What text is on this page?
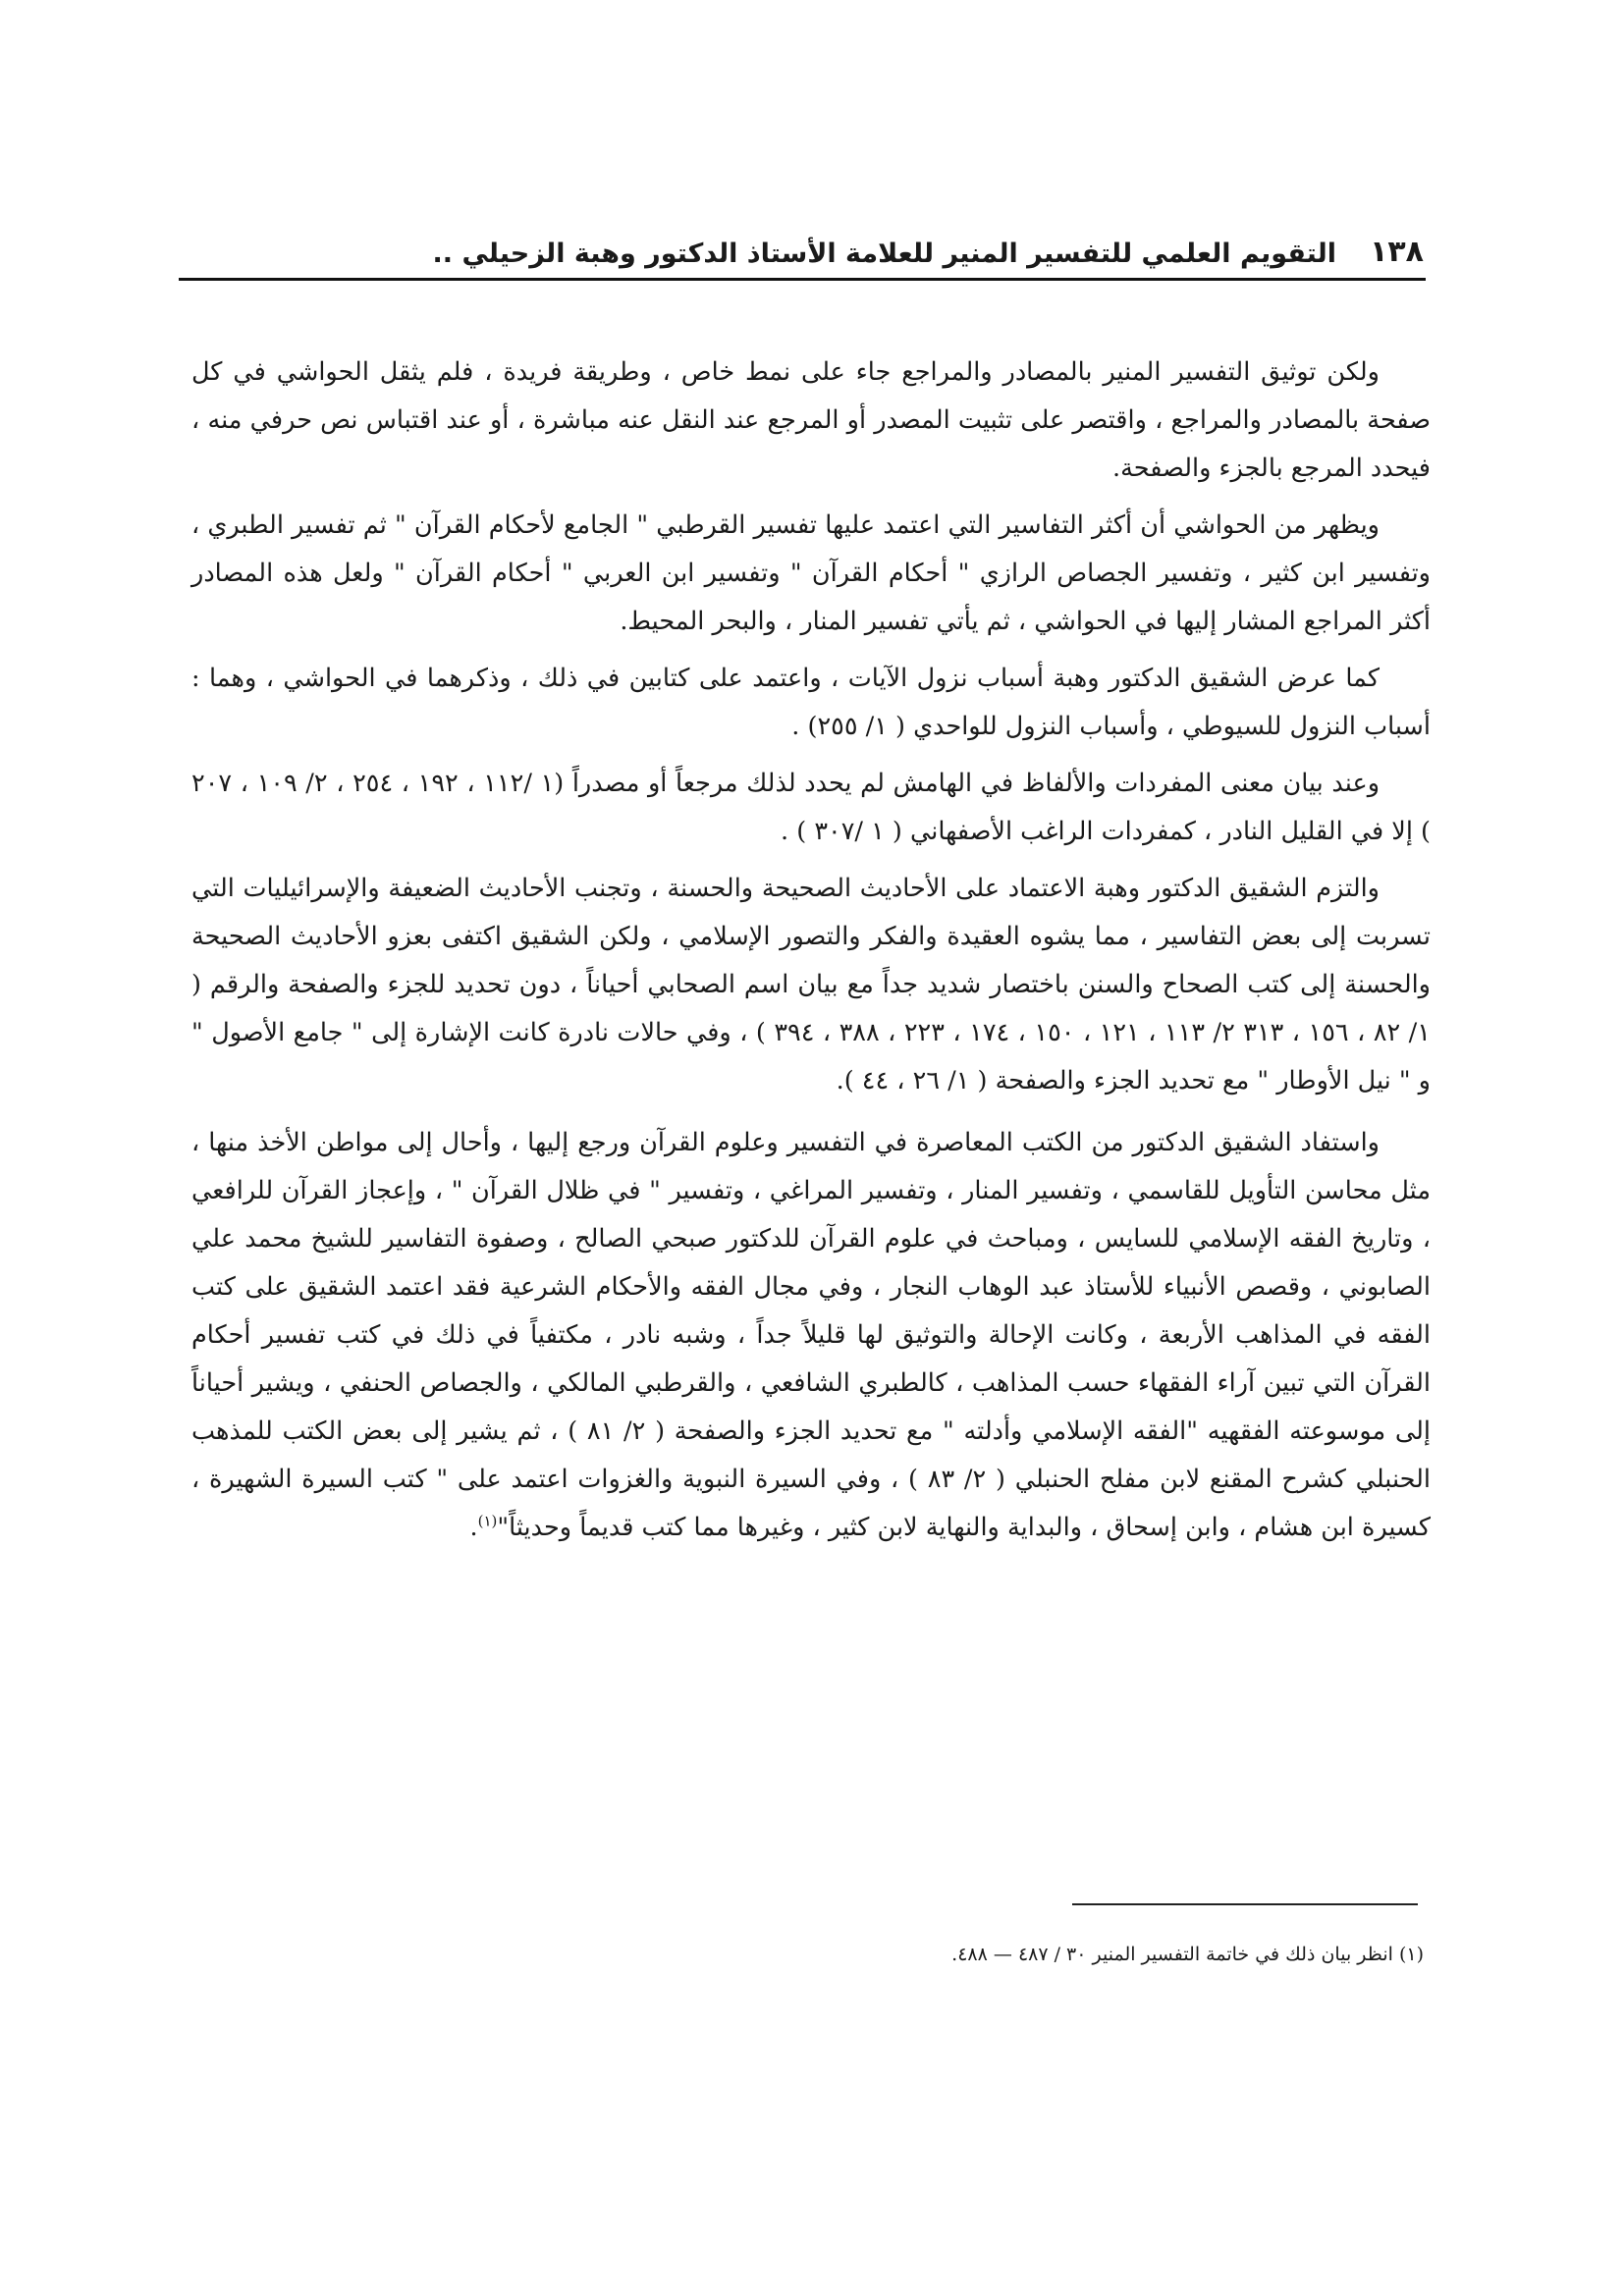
١٣٨
التقويم العلمي للتفسير المنير للعلامة الأستاذ الدكتور وهبة الزحيلي ..

ولكن توثيق التفسير المنير بالمصادر والمراجع جاء على نمط خاص ، وطريقة فريدة ، فلم يثقل الحواشي في كل صفحة بالمصادر والمراجع ، واقتصر على تثبيت المصدر أو المرجع عند النقل عنه مباشرة ، أو عند اقتباس نص حرفي منه ، فيحدد المرجع بالجزء والصفحة.

ويظهر من الحواشي أن أكثر التفاسير التي اعتمد عليها تفسير القرطبي " الجامع لأحكام القرآن " ثم تفسير الطبري ، وتفسير ابن كثير ، وتفسير الجصاص الرازي " أحكام القرآن " وتفسير ابن العربي " أحكام القرآن " ولعل هذه المصادر أكثر المراجع المشار إليها في الحواشي ، ثم يأتي تفسير المنار ، والبحر المحيط.

كما عرض الشقيق الدكتور وهبة أسباب نزول الآيات ، واعتمد على كتابين في ذلك ، وذكرهما في الحواشي ، وهما : أسباب النزول للسيوطي ، وأسباب النزول للواحدي ( ١/ ٢٥٥) .

وعند بيان معنى المفردات والألفاظ في الهامش لم يحدد لذلك مرجعاً أو مصدراً (١ /١١٢ ، ١٩٢ ، ٢٥٤ ، ٢/ ١٠٩ ، ٢٠٧ ) إلا في القليل النادر ، كمفردات الراغب الأصفهاني ( ١ /٣٠٧ ) .

والتزم الشقيق الدكتور وهبة الاعتماد على الأحاديث الصحيحة والحسنة ، وتجنب الأحاديث الضعيفة والإسرائيليات التي تسربت إلى بعض التفاسير ، مما يشوه العقيدة والفكر والتصور الإسلامي ، ولكن الشقيق اكتفى بعزو الأحاديث الصحيحة والحسنة إلى كتب الصحاح والسنن باختصار شديد جداً مع بيان اسم الصحابي أحياناً ، دون تحديد للجزء والصفحة والرقم ( ١/ ٨٢ ، ١٥٦ ، ٣١٣ ٢/ ١١٣ ، ١٢١ ، ١٥٠ ، ١٧٤ ، ٢٢٣ ، ٣٨٨ ، ٣٩٤ ) ، وفي حالات نادرة كانت الإشارة إلى " جامع الأصول " و " نيل الأوطار " مع تحديد الجزء والصفحة ( ١/ ٢٦ ، ٤٤ ).

واستفاد الشقيق الدكتور من الكتب المعاصرة في التفسير وعلوم القرآن ورجع إليها ، وأحال إلى مواطن الأخذ منها ، مثل محاسن التأويل للقاسمي ، وتفسير المنار ، وتفسير المراغي ، وتفسير " في ظلال القرآن " ، وإعجاز القرآن للرافعي ، وتاريخ الفقه الإسلامي للسايس ، ومباحث في علوم القرآن للدكتور صبحي الصالح ، وصفوة التفاسير للشيخ محمد علي الصابوني ، وقصص الأنبياء للأستاذ عبد الوهاب النجار ، وفي مجال الفقه والأحكام الشرعية فقد اعتمد الشقيق على كتب الفقه في المذاهب الأربعة ، وكانت الإحالة والتوثيق لها قليلاً جداً ، وشبه نادر ، مكتفياً في ذلك في كتب تفسير أحكام القرآن التي تبين آراء الفقهاء حسب المذاهب ، كالطبري الشافعي ، والقرطبي المالكي ، والجصاص الحنفي ، ويشير أحياناً إلى موسوعته الفقهيه "الفقه الإسلامي وأدلته " مع تحديد الجزء والصفحة ( ٢/ ٨١ ) ، ثم يشير إلى بعض الكتب للمذهب الحنبلي كشرح المقنع لابن مفلح الحنبلي ( ٢/ ٨٣ ) ، وفي السيرة النبوية والغزوات اعتمد على " كتب السيرة الشهيرة ، كسيرة ابن هشام ، وابن إسحاق ، والبداية والنهاية لابن كثير ، وغيرها مما كتب قديماً وحديثاً"$^{(١)}$.

(١) انظر بيان ذلك في خاتمة التفسير المنير ٣٠ / ٤٨٧ — ٤٨٨.
